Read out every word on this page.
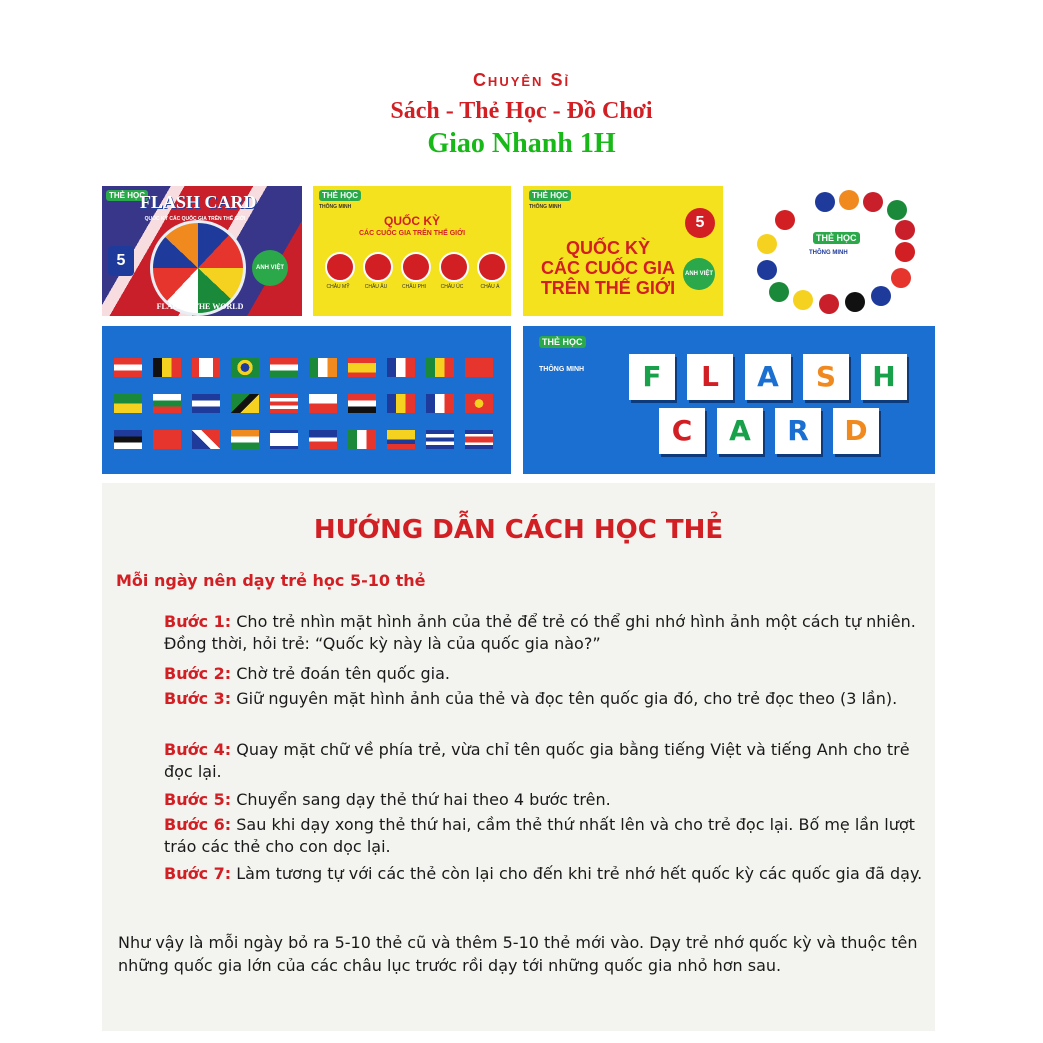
Chuyên Sỉ
Sách - Thẻ Học - Đồ Chơi
Giao Nhanh 1H
THẺ HỌC
FLASH CARD
5
QUỐC KỲ CÁC QUỐC GIA TRÊN THẾ GIỚI
FLAG OF THE WORLD
ANH VIỆT
THẺ HỌC
THÔNG MINH
QUỐC KỲ
CÁC CUỐC GIA TRÊN THẾ GIỚI
CHÂU MỸ	CHÂU ÂU	CHÂU PHI	CHÂU ÚC	CHÂU Á
THẺ HỌC
THÔNG MINH
QUỐC KỲ
CÁC CUỐC GIA
TRÊN THẾ GIỚI
5
ANH VIỆT
THẺ HỌC
THÔNG MINH
THẺ HỌC
THÔNG MINH	F	L	A	S	H
C	A	R	D
HƯỚNG DẪN CÁCH HỌC THẺ
Mỗi ngày nên dạy trẻ học 5-10 thẻ
Bước 1: Cho trẻ nhìn mặt hình ảnh của thẻ để trẻ có thể ghi nhớ hình ảnh một cách tự nhiên. Đồng thời, hỏi trẻ: “Quốc kỳ này là của quốc gia nào?”
Bước 2: Chờ trẻ đoán tên quốc gia.
Bước 3: Giữ nguyên mặt hình ảnh của thẻ và đọc tên quốc gia đó, cho trẻ đọc theo (3 lần).
Bước 4: Quay mặt chữ về phía trẻ, vừa chỉ tên quốc gia bằng tiếng Việt và tiếng Anh cho trẻ đọc lại.
Bước 5: Chuyển sang dạy thẻ thứ hai theo 4 bước trên.
Bước 6: Sau khi dạy xong thẻ thứ hai, cầm thẻ thứ nhất lên và cho trẻ đọc lại. Bố mẹ lần lượt tráo các thẻ cho con dọc lại.
Bước 7: Làm tương tự với các thẻ còn lại cho đến khi trẻ nhớ hết quốc kỳ các quốc gia đã dạy.
Như vậy là mỗi ngày bỏ ra 5-10 thẻ cũ và thêm 5-10 thẻ mới vào. Dạy trẻ nhớ quốc kỳ và thuộc tên những quốc gia lớn của các châu lục trước rồi dạy tới những quốc gia nhỏ hơn sau.
